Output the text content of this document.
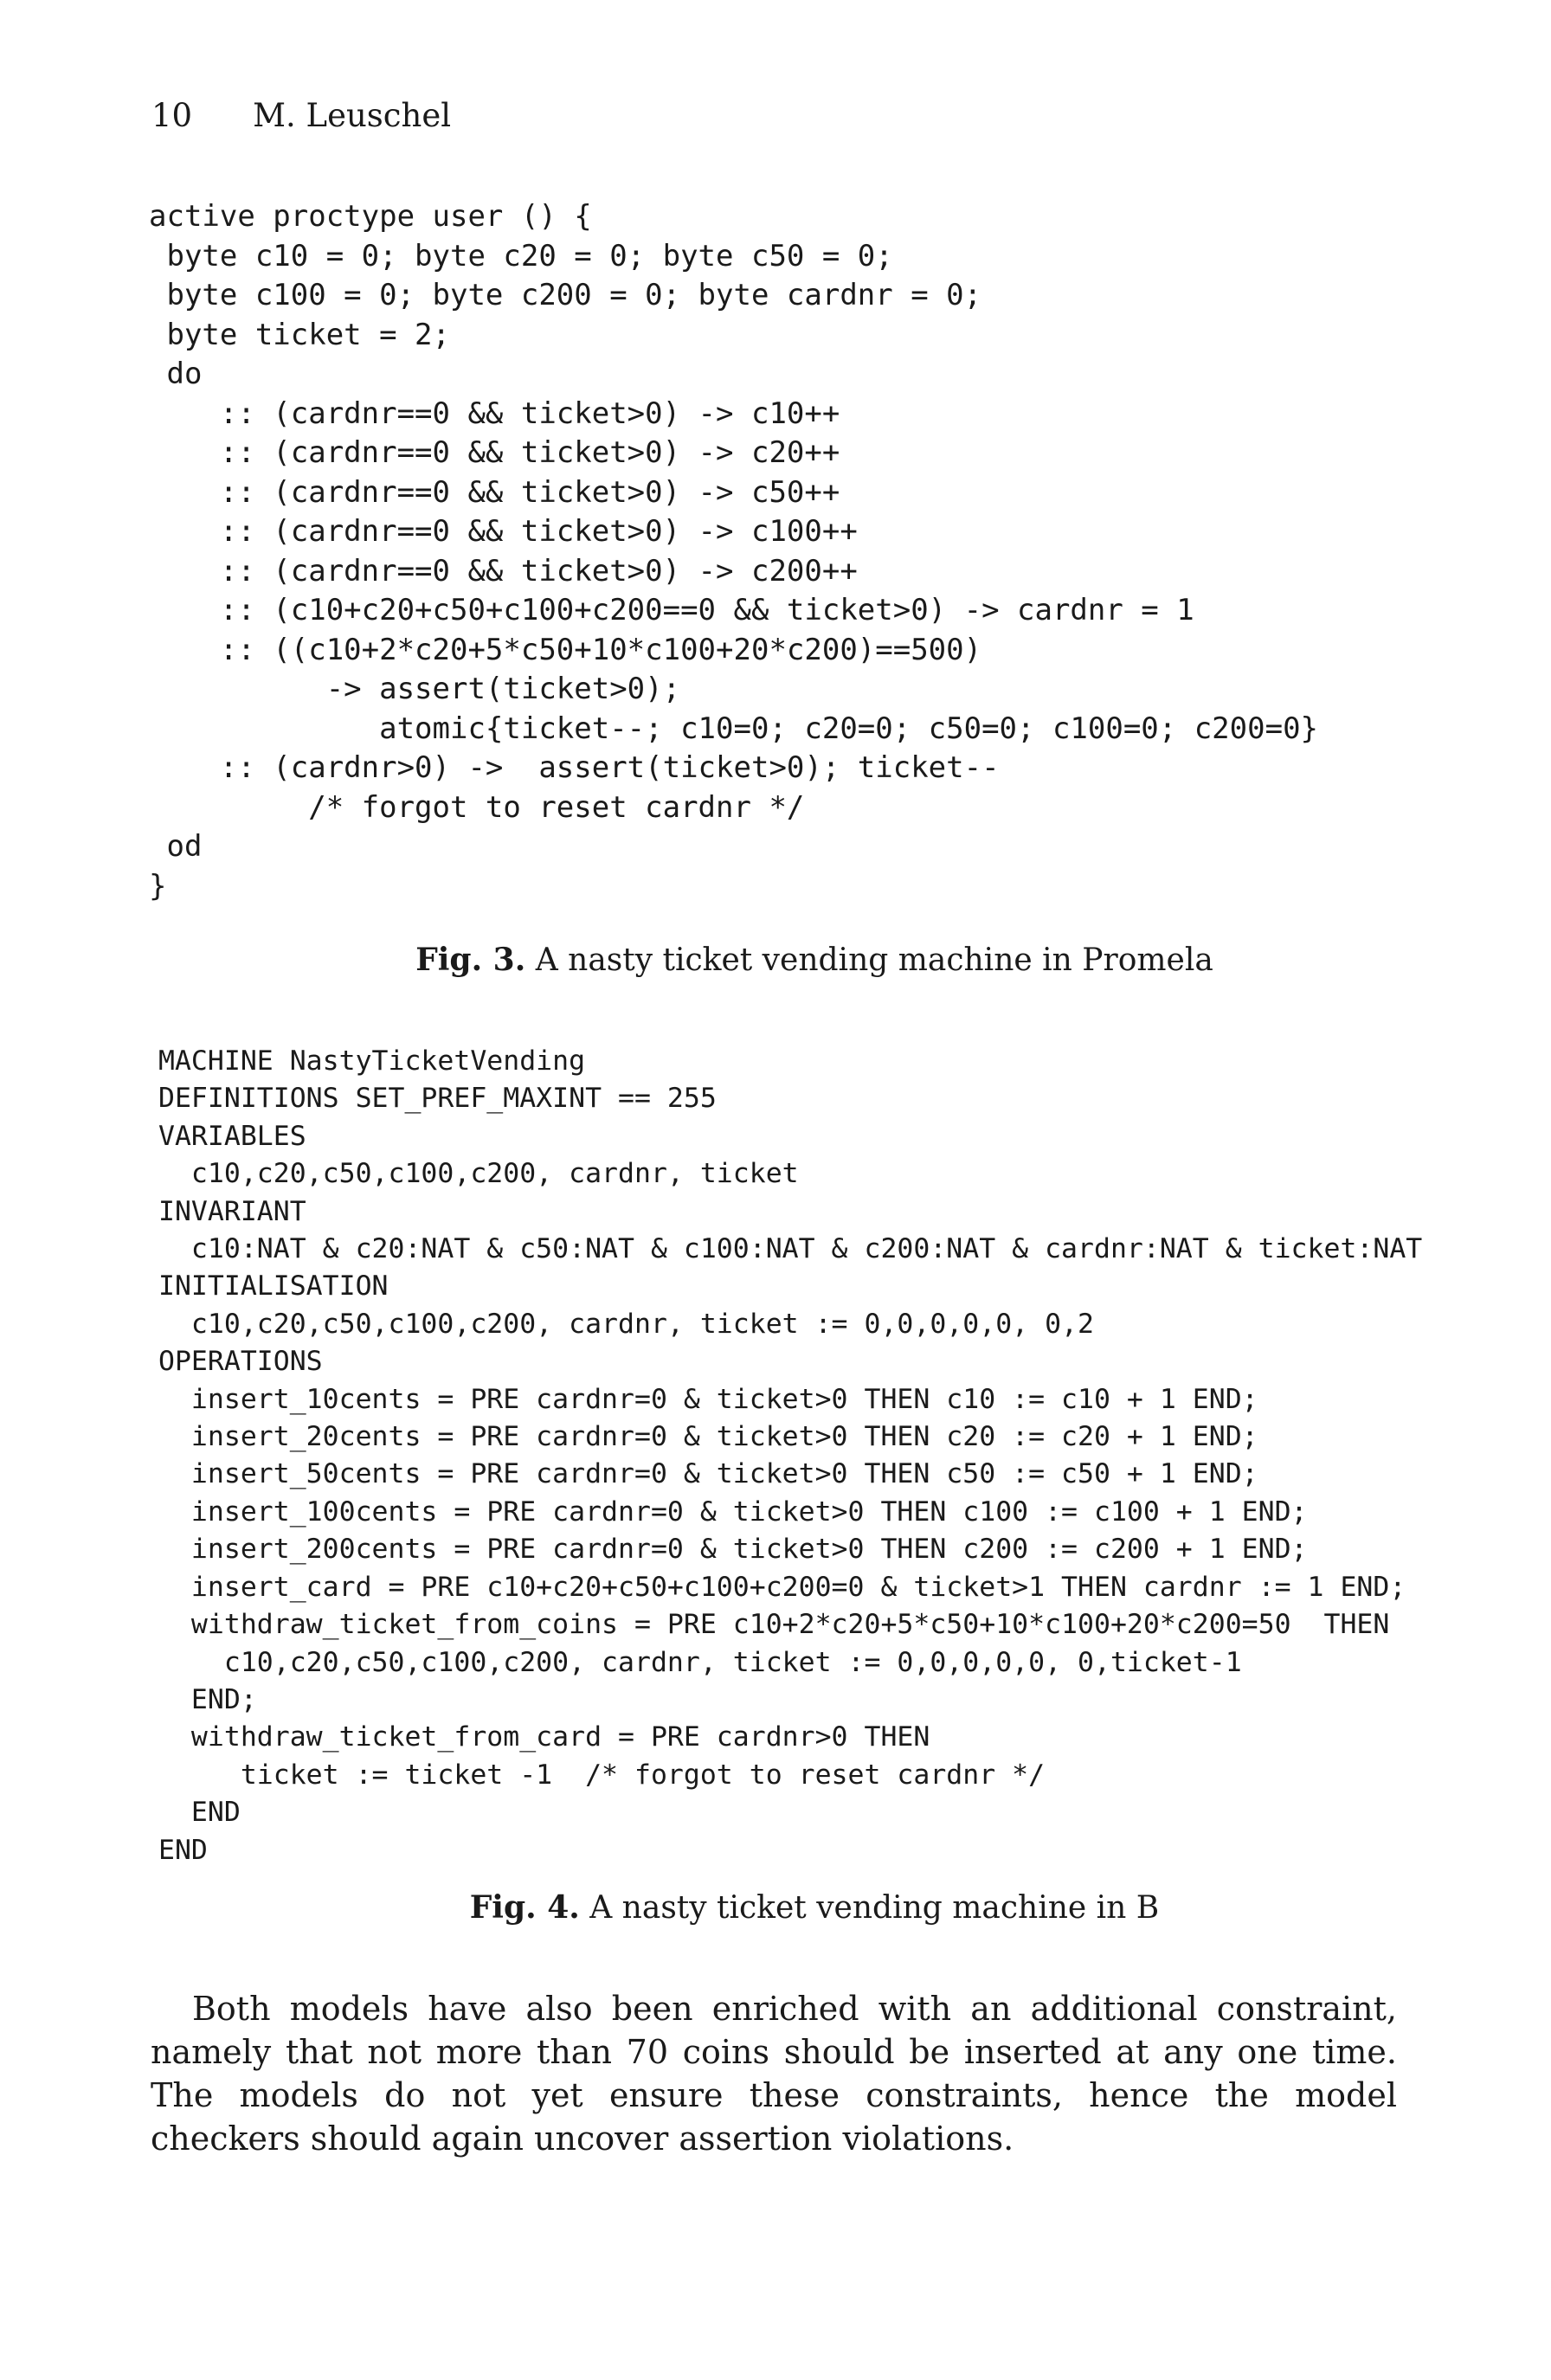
10 M. Leuschel
active proctype user () {
byte c10 = 0; byte c20 = 0; byte c50 = 0;
byte c100 = 0; byte c200 = 0; byte cardnr = 0;
byte ticket = 2;
do
:: (cardnr==0 && ticket>0) -> c10++
:: (cardnr==0 && ticket>0) -> c20++
:: (cardnr==0 && ticket>0) -> c50++
:: (cardnr==0 && ticket>0) -> c100++
:: (cardnr==0 && ticket>0) -> c200++
:: (c10+c20+c50+c100+c200==0 && ticket>0) -> cardnr = 1
:: ((c10+2*c20+5*c50+10*c100+20*c200)==500)
-> assert(ticket>0);
atomic{ticket--; c10=0; c20=0; c50=0; c100=0; c200=0}
:: (cardnr>0) ->  assert(ticket>0); ticket--
/* forgot to reset cardnr */
od
}
Fig. 3. A nasty ticket vending machine in Promela
MACHINE NastyTicketVending
DEFINITIONS SET_PREF_MAXINT == 255
VARIABLES
c10,c20,c50,c100,c200, cardnr, ticket
INVARIANT
c10:NAT & c20:NAT & c50:NAT & c100:NAT & c200:NAT & cardnr:NAT & ticket:NAT
INITIALISATION
c10,c20,c50,c100,c200, cardnr, ticket := 0,0,0,0,0, 0,2
OPERATIONS
insert_10cents = PRE cardnr=0 & ticket>0 THEN c10 := c10 + 1 END;
insert_20cents = PRE cardnr=0 & ticket>0 THEN c20 := c20 + 1 END;
insert_50cents = PRE cardnr=0 & ticket>0 THEN c50 := c50 + 1 END;
insert_100cents = PRE cardnr=0 & ticket>0 THEN c100 := c100 + 1 END;
insert_200cents = PRE cardnr=0 & ticket>0 THEN c200 := c200 + 1 END;
insert_card = PRE c10+c20+c50+c100+c200=0 & ticket>1 THEN cardnr := 1 END;
withdraw_ticket_from_coins = PRE c10+2*c20+5*c50+10*c100+20*c200=50  THEN
c10,c20,c50,c100,c200, cardnr, ticket := 0,0,0,0,0, 0,ticket-1
END;
withdraw_ticket_from_card = PRE cardnr>0 THEN
ticket := ticket -1  /* forgot to reset cardnr */
END
END
Fig. 4. A nasty ticket vending machine in B

Both models have also been enriched with an additional constraint, namely that not more than 70 coins should be inserted at any one time. The models do not yet ensure these constraints, hence the model checkers should again uncover assertion violations.
